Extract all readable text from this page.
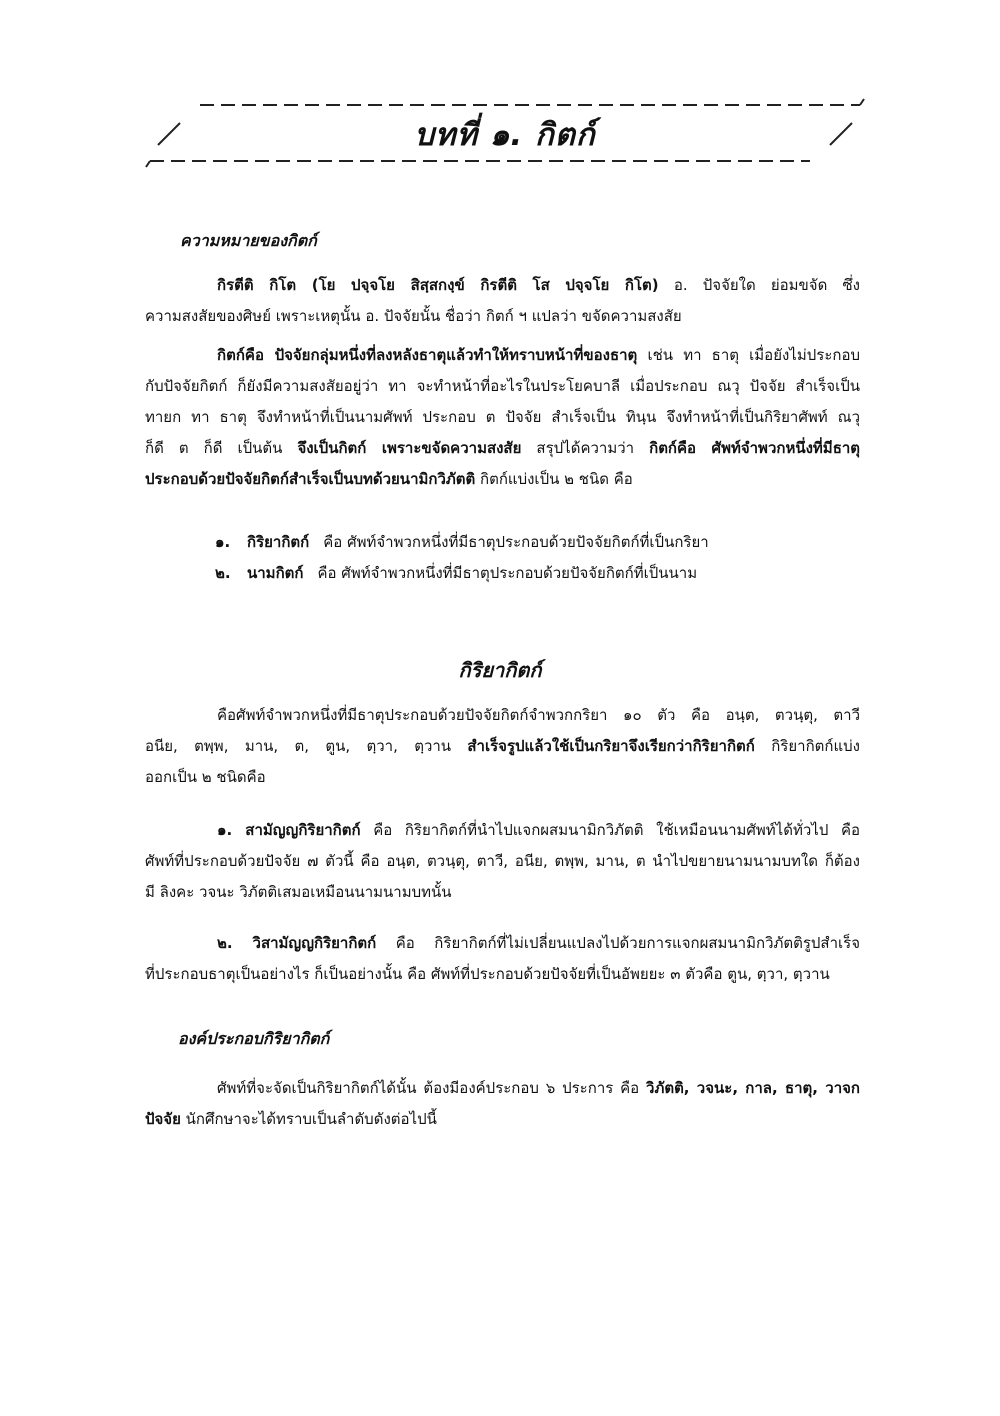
บทที่ ๑. กิตก์
ความหมายของกิตก์
กิรตีติ กิโต (โย ปจฺจโย สิสฺสกงฺข์ กิรตีติ โส ปจฺจโย กิโต) อ. ปัจจัยใด ย่อมขจัด ซึ่ง
ความสงสัยของศิษย์ เพราะเหตุนั้น อ. ปัจจัยนั้น ชื่อว่า กิตก์ ฯ แปลว่า ขจัดความสงสัย
กิตก์คือ ปัจจัยกลุ่มหนึ่งที่ลงหลังธาตุแล้วทำให้ทราบหน้าที่ของธาตุ เช่น ทา ธาตุ เมื่อยังไม่ประกอบ
กับปัจจัยกิตก์ ก็ยังมีความสงสัยอยู่ว่า ทา จะทำหน้าที่อะไรในประโยคบาลี เมื่อประกอบ ณวุ ปัจจัย สำเร็จเป็น
ทายก ทา ธาตุ จึงทำหน้าที่เป็นนามศัพท์ ประกอบ ต ปัจจัย สำเร็จเป็น ทินฺน จึงทำหน้าที่เป็นกิริยาศัพท์ ณวุ
ก็ดี ต ก็ดี เป็นต้น จึงเป็นกิตก์ เพราะขจัดความสงสัย สรุปได้ความว่า กิตก์คือ ศัพท์จำพวกหนึ่งที่มีธาตุ
ประกอบด้วยปัจจัยกิตก์สำเร็จเป็นบทด้วยนามิกวิภัตติ กิตก์แบ่งเป็น ๒ ชนิด คือ
๑. กิริยากิตก์ คือ ศัพท์จำพวกหนึ่งที่มีธาตุประกอบด้วยปัจจัยกิตก์ที่เป็นกริยา
๒. นามกิตก์ คือ ศัพท์จำพวกหนึ่งที่มีธาตุประกอบด้วยปัจจัยกิตก์ที่เป็นนาม
กิริยากิตก์
คือศัพท์จำพวกหนึ่งที่มีธาตุประกอบด้วยปัจจัยกิตก์จำพวกกริยา ๑๐ ตัว คือ อนฺต, ตวนฺตุ, ตาวี
อนีย, ตพฺพ, มาน, ต, ตูน, ตฺวา, ตฺวาน สำเร็จรูปแล้วใช้เป็นกริยาจึงเรียกว่ากิริยากิตก์ กิริยากิตก์แบ่ง
ออกเป็น ๒ ชนิดคือ
๑. สามัญญกิริยากิตก์ คือ กิริยากิตก์ที่นำไปแจกผสมนามิกวิภัตติ ใช้เหมือนนามศัพท์ได้ทั่วไป คือ
ศัพท์ที่ประกอบด้วยปัจจัย ๗ ตัวนี้ คือ อนฺต, ตวนฺตุ, ตาวี, อนีย, ตพฺพ, มาน, ต นำไปขยายนามนามบทใด ก็ต้อง
มี ลิงคะ วจนะ วิภัตติเสมอเหมือนนามนามบทนั้น
๒. วิสามัญญกิริยากิตก์ คือ กิริยากิตก์ที่ไม่เปลี่ยนแปลงไปด้วยการแจกผสมนามิกวิภัตติรูปสำเร็จ
ที่ประกอบธาตุเป็นอย่างไร ก็เป็นอย่างนั้น คือ ศัพท์ที่ประกอบด้วยปัจจัยที่เป็นอัพยยะ ๓ ตัวคือ ตูน, ตฺวา, ตฺวาน
องค์ประกอบกิริยากิตก์
ศัพท์ที่จะจัดเป็นกิริยากิตก์ได้นั้น ต้องมีองค์ประกอบ ๖ ประการ คือ วิภัตติ, วจนะ, กาล, ธาตุ, วาจก
ปัจจัย นักศึกษาจะได้ทราบเป็นลำดับดังต่อไปนี้
